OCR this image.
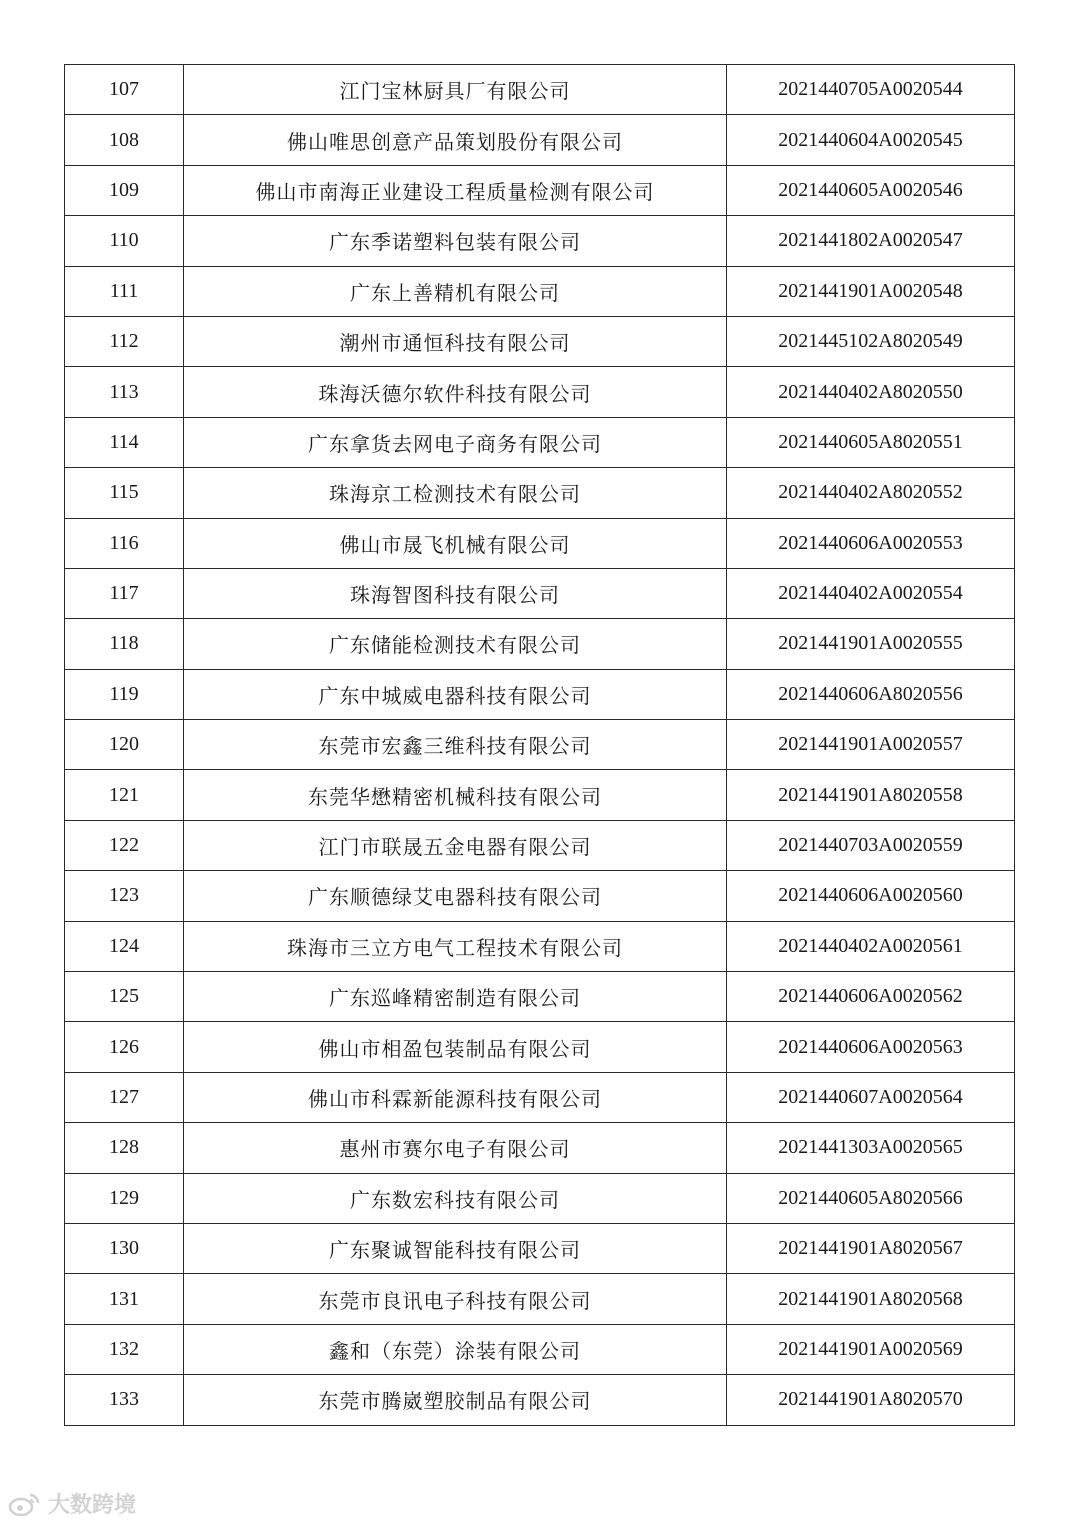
107	江门宝林厨具厂有限公司	2021440705A0020544
108	佛山唯思创意产品策划股份有限公司	2021440604A0020545
109	佛山市南海正业建设工程质量检测有限公司	2021440605A0020546
110	广东季诺塑料包装有限公司	2021441802A0020547
111	广东上善精机有限公司	2021441901A0020548
112	潮州市通恒科技有限公司	2021445102A8020549
113	珠海沃德尔软件科技有限公司	2021440402A8020550
114	广东拿货去网电子商务有限公司	2021440605A8020551
115	珠海京工检测技术有限公司	2021440402A8020552
116	佛山市晟飞机械有限公司	2021440606A0020553
117	珠海智图科技有限公司	2021440402A0020554
118	广东储能检测技术有限公司	2021441901A0020555
119	广东中城威电器科技有限公司	2021440606A8020556
120	东莞市宏鑫三维科技有限公司	2021441901A0020557
121	东莞华懋精密机械科技有限公司	2021441901A8020558
122	江门市联晟五金电器有限公司	2021440703A0020559
123	广东顺德绿艾电器科技有限公司	2021440606A0020560
124	珠海市三立方电气工程技术有限公司	2021440402A0020561
125	广东巡峰精密制造有限公司	2021440606A0020562
126	佛山市相盈包装制品有限公司	2021440606A0020563
127	佛山市科霖新能源科技有限公司	2021440607A0020564
128	惠州市赛尔电子有限公司	2021441303A0020565
129	广东数宏科技有限公司	2021440605A8020566
130	广东聚诚智能科技有限公司	2021441901A8020567
131	东莞市良讯电子科技有限公司	2021441901A8020568
132	鑫和（东莞）涂装有限公司	2021441901A0020569
133	东莞市腾崴塑胶制品有限公司	2021441901A8020570
大数跨境
